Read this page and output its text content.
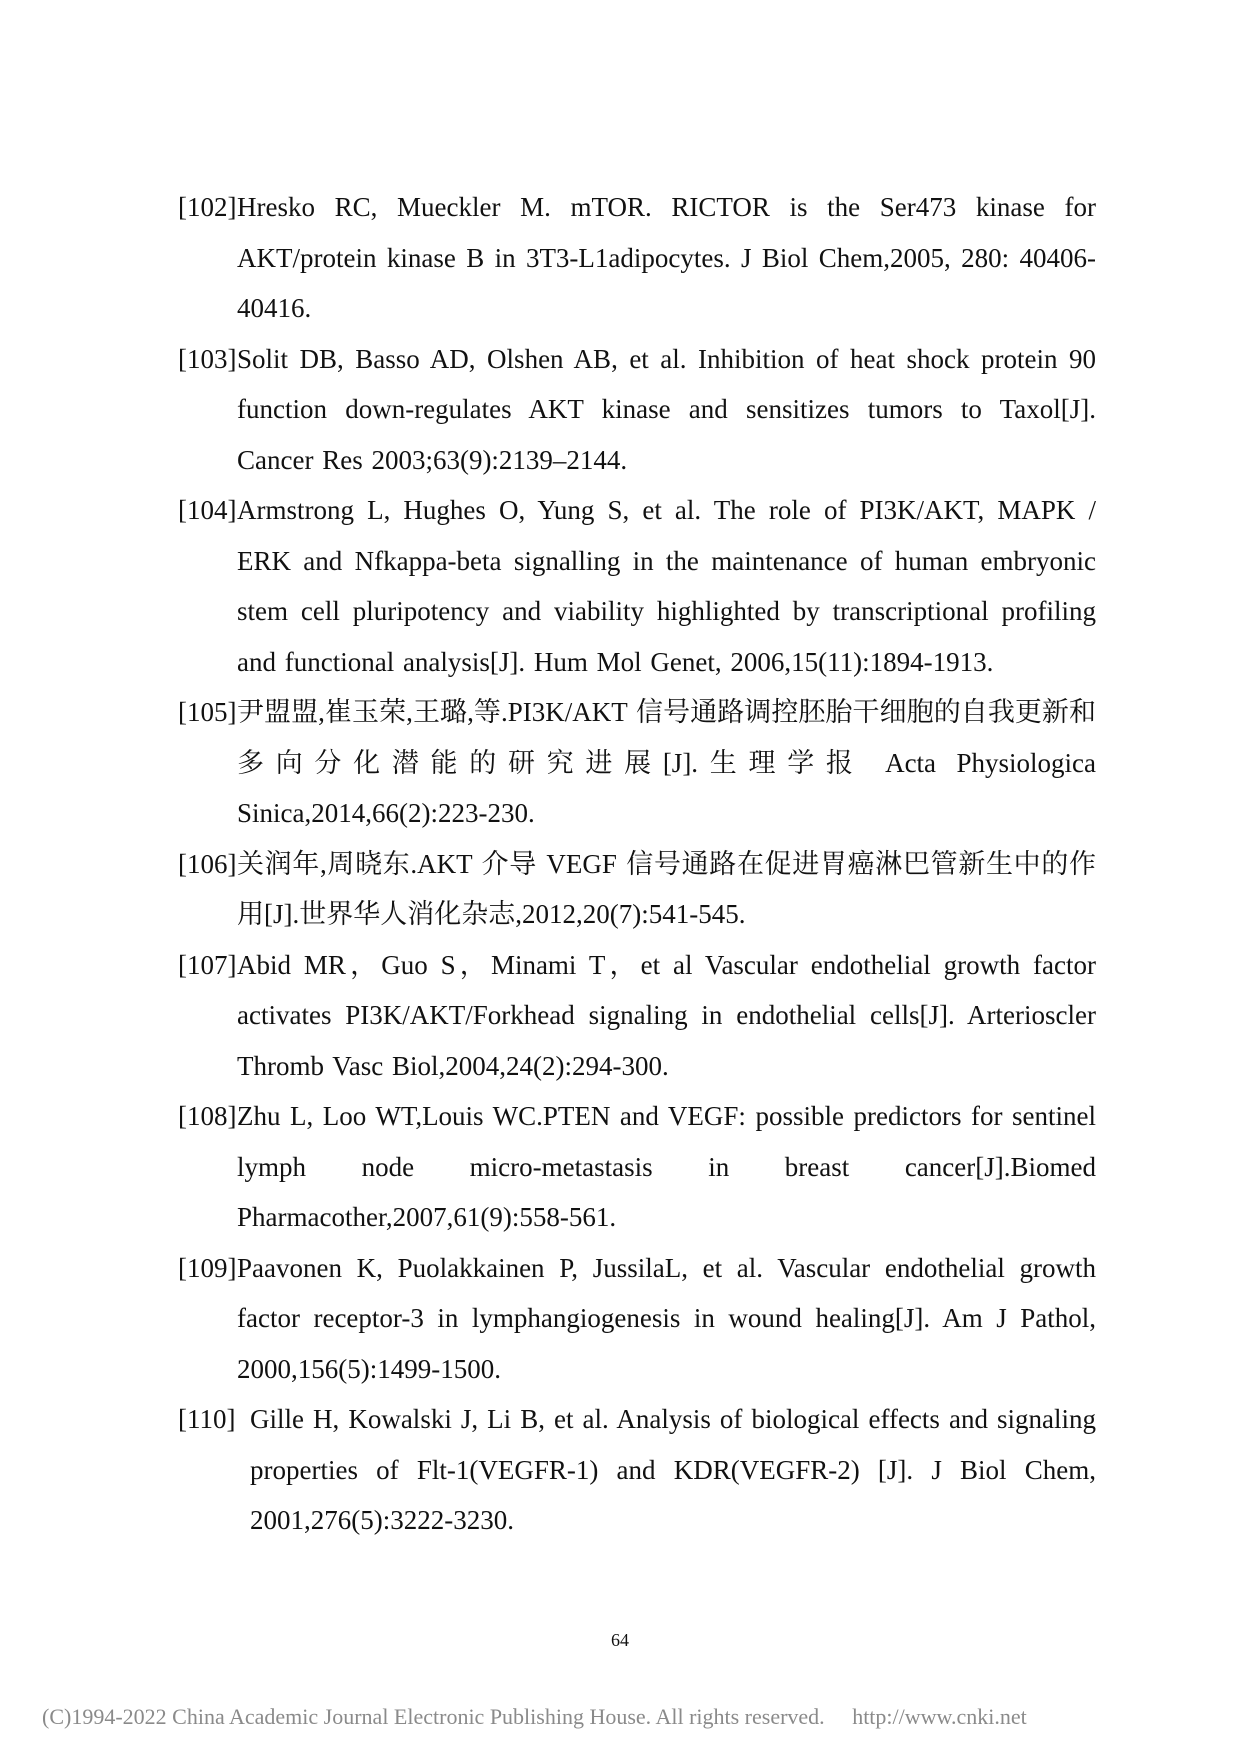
[102] Hresko RC, Mueckler M. mTOR. RICTOR is the Ser473 kinase for AKT/protein kinase B in 3T3-L1adipocytes. J Biol Chem,2005, 280: 40406-40416.
[103] Solit DB, Basso AD, Olshen AB, et al. Inhibition of heat shock protein 90 function down-regulates AKT kinase and sensitizes tumors to Taxol[J]. Cancer Res 2003;63(9):2139–2144.
[104] Armstrong L, Hughes O, Yung S, et al. The role of PI3K/AKT, MAPK / ERK and Nfkappa-beta signalling in the maintenance of human embryonic stem cell pluripotency and viability highlighted by transcriptional profiling and functional analysis[J]. Hum Mol Genet, 2006,15(11):1894-1913.
[105] 尹盟盟,崔玉荣,王璐,等.PI3K/AKT 信号通路调控胚胎干细胞的自我更新和多向分化潜能的研究进展[J].生理学报 Acta Physiologica Sinica,2014,66(2):223-230.
[106] 关润年,周晓东.AKT 介导 VEGF 信号通路在促进胃癌淋巴管新生中的作用[J].世界华人消化杂志,2012,20(7):541-545.
[107] Abid MR，Guo S，Minami T，et al Vascular endothelial growth factor activates PI3K/AKT/Forkhead signaling in endothelial cells[J]. Arterioscler Thromb Vasc Biol,2004,24(2):294-300.
[108] Zhu L, Loo WT,Louis WC.PTEN and VEGF: possible predictors for sentinel lymph node micro-metastasis in breast cancer[J].Biomed Pharmacother,2007,61(9):558-561.
[109] Paavonen K, Puolakkainen P, JussilaL, et al. Vascular endothelial growth factor receptor-3 in lymphangiogenesis in wound healing[J]. Am J Pathol, 2000,156(5):1499-1500.
[110] Gille H, Kowalski J, Li B, et al. Analysis of biological effects and signaling properties of Flt-1(VEGFR-1) and KDR(VEGFR-2) [J]. J Biol Chem, 2001,276(5):3222-3230.
64
(C)1994-2022 China Academic Journal Electronic Publishing House. All rights reserved. http://www.cnki.net
